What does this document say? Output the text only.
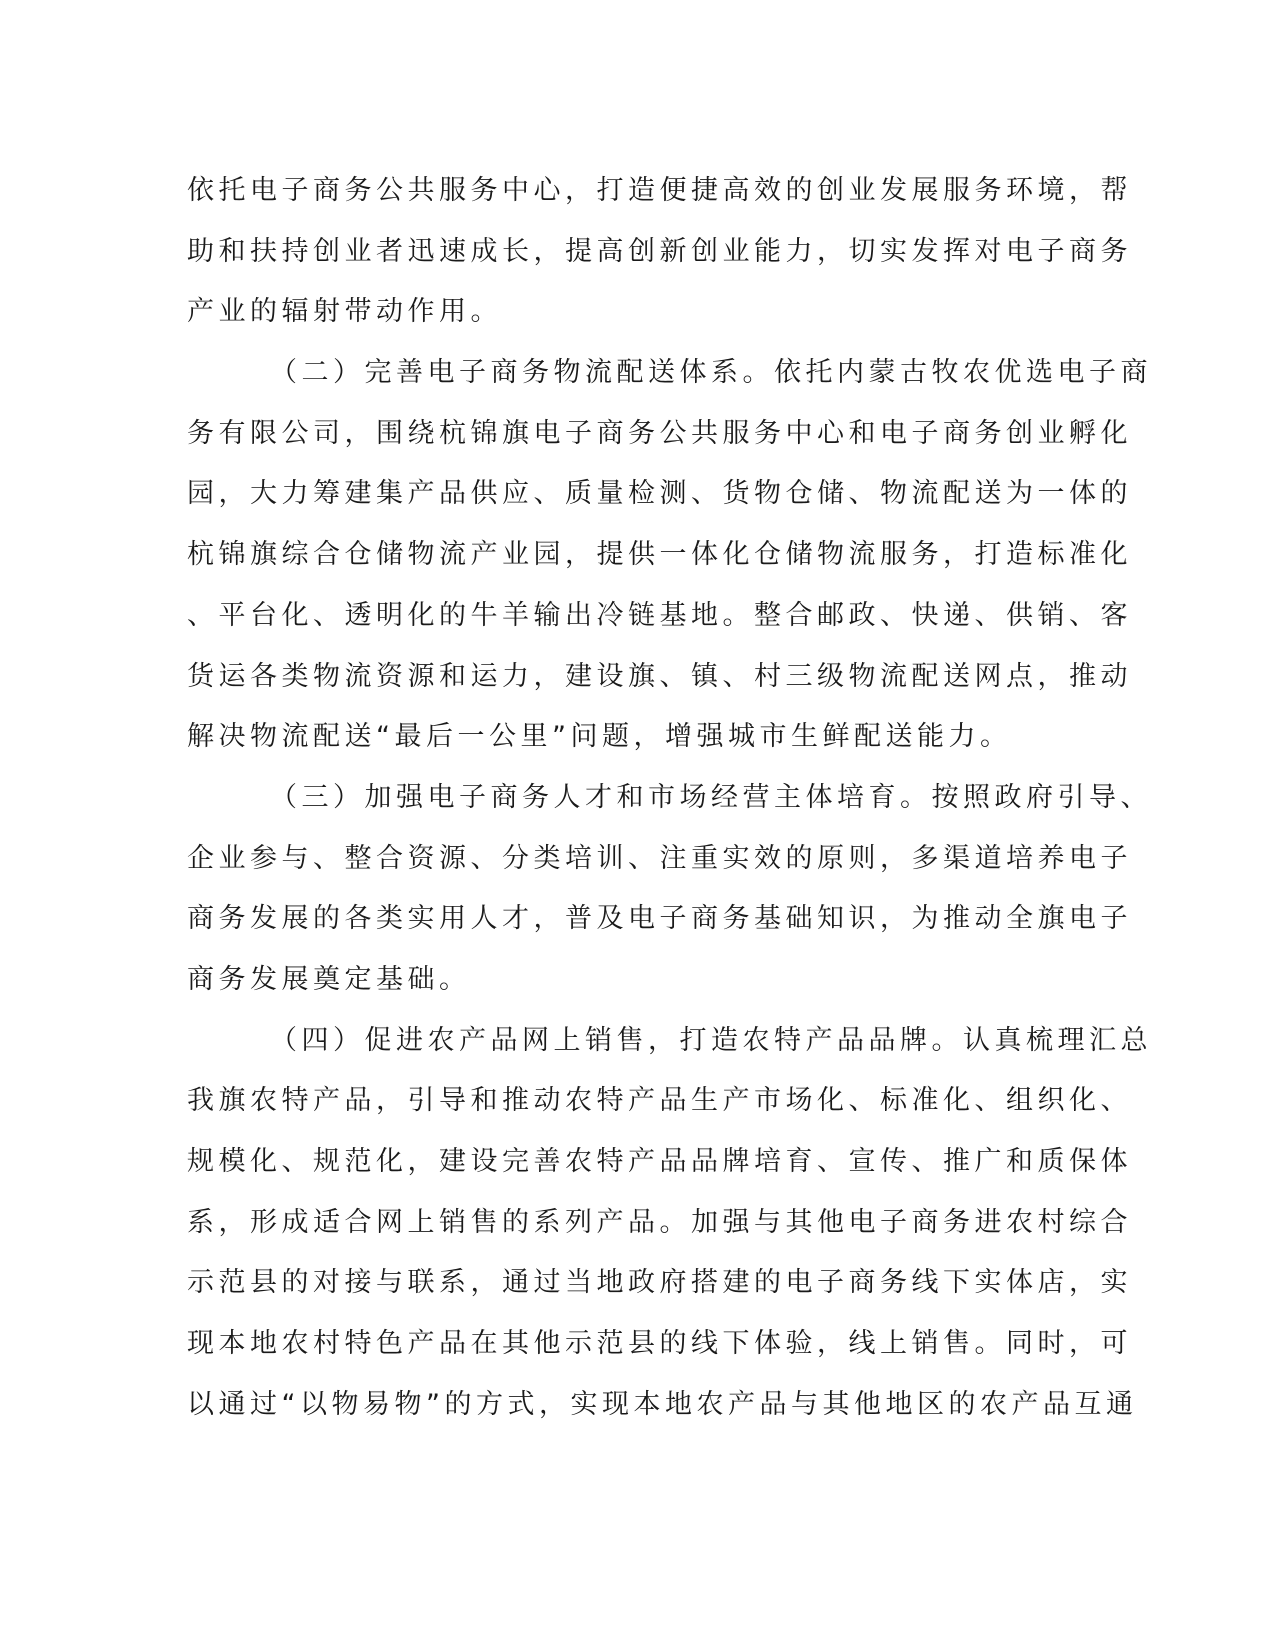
依托电子商务公共服务中心，打造便捷高效的创业发展服务环境，帮
助和扶持创业者迅速成长，提高创新创业能力，切实发挥对电子商务
产业的辐射带动作用。
（二）完善电子商务物流配送体系。依托内蒙古牧农优选电子商
务有限公司，围绕杭锦旗电子商务公共服务中心和电子商务创业孵化
园，大力筹建集产品供应、质量检测、货物仓储、物流配送为一体的
杭锦旗综合仓储物流产业园，提供一体化仓储物流服务，打造标准化
、平台化、透明化的牛羊输出冷链基地。整合邮政、快递、供销、客
货运各类物流资源和运力，建设旗、镇、村三级物流配送网点，推动
解决物流配送“最后一公里”问题，增强城市生鲜配送能力。
（三）加强电子商务人才和市场经营主体培育。按照政府引导、
企业参与、整合资源、分类培训、注重实效的原则，多渠道培养电子
商务发展的各类实用人才，普及电子商务基础知识，为推动全旗电子
商务发展奠定基础。
（四）促进农产品网上销售，打造农特产品品牌。认真梳理汇总
我旗农特产品，引导和推动农特产品生产市场化、标准化、组织化、
规模化、规范化，建设完善农特产品品牌培育、宣传、推广和质保体
系，形成适合网上销售的系列产品。加强与其他电子商务进农村综合
示范县的对接与联系，通过当地政府搭建的电子商务线下实体店，实
现本地农村特色产品在其他示范县的线下体验，线上销售。同时，可
以通过“以物易物”的方式，实现本地农产品与其他地区的农产品互通
